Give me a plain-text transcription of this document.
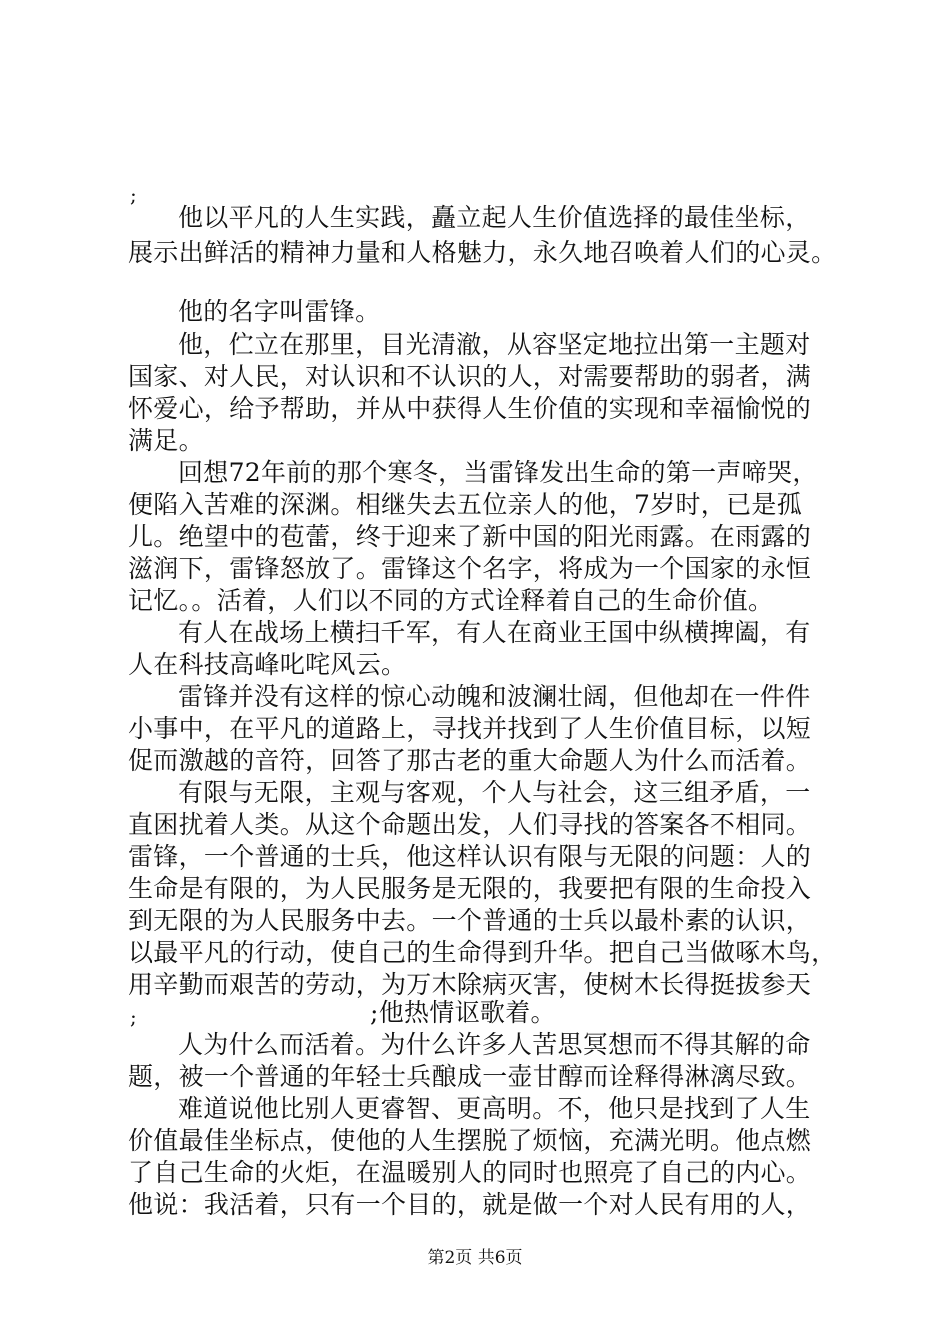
;
他以平凡的人生实践，矗立起人生价值选择的最佳坐标，
展示出鲜活的精神力量和人格魅力，永久地召唤着人们的心灵。
他的名字叫雷锋。
他，伫立在那里，目光清澈，从容坚定地拉出第一主题对
国家、对人民，对认识和不认识的人，对需要帮助的弱者，满
怀爱心，给予帮助，并从中获得人生价值的实现和幸福愉悦的
满足。
回想72年前的那个寒冬，当雷锋发出生命的第一声啼哭，
便陷入苦难的深渊。相继失去五位亲人的他，7岁时，已是孤
儿。绝望中的苞蕾，终于迎来了新中国的阳光雨露。在雨露的
滋润下，雷锋怒放了。雷锋这个名字，将成为一个国家的永恒
记忆。。活着，人们以不同的方式诠释着自己的生命价值。
有人在战场上横扫千军，有人在商业王国中纵横捭阖，有
人在科技高峰叱咤风云。
雷锋并没有这样的惊心动魄和波澜壮阔，但他却在一件件
小事中，在平凡的道路上，寻找并找到了人生价值目标，以短
促而激越的音符，回答了那古老的重大命题人为什么而活着。
有限与无限，主观与客观，个人与社会，这三组矛盾，一
直困扰着人类。从这个命题出发，人们寻找的答案各不相同。
雷锋，一个普通的士兵，他这样认识有限与无限的问题：人的
生命是有限的，为人民服务是无限的，我要把有限的生命投入
到无限的为人民服务中去。一个普通的士兵以最朴素的认识，
以最平凡的行动，使自己的生命得到升华。把自己当做啄木鸟，
用辛勤而艰苦的劳动，为万木除病灭害，使树木长得挺拔参天
;	;他热情讴歌着。
人为什么而活着。为什么许多人苦思冥想而不得其解的命
题，被一个普通的年轻士兵酿成一壶甘醇而诠释得淋漓尽致。
难道说他比别人更睿智、更高明。不，他只是找到了人生
价值最佳坐标点，使他的人生摆脱了烦恼，充满光明。他点燃
了自己生命的火炬，在温暖别人的同时也照亮了自己的内心。
他说：我活着，只有一个目的，就是做一个对人民有用的人，
第2页 共6页
